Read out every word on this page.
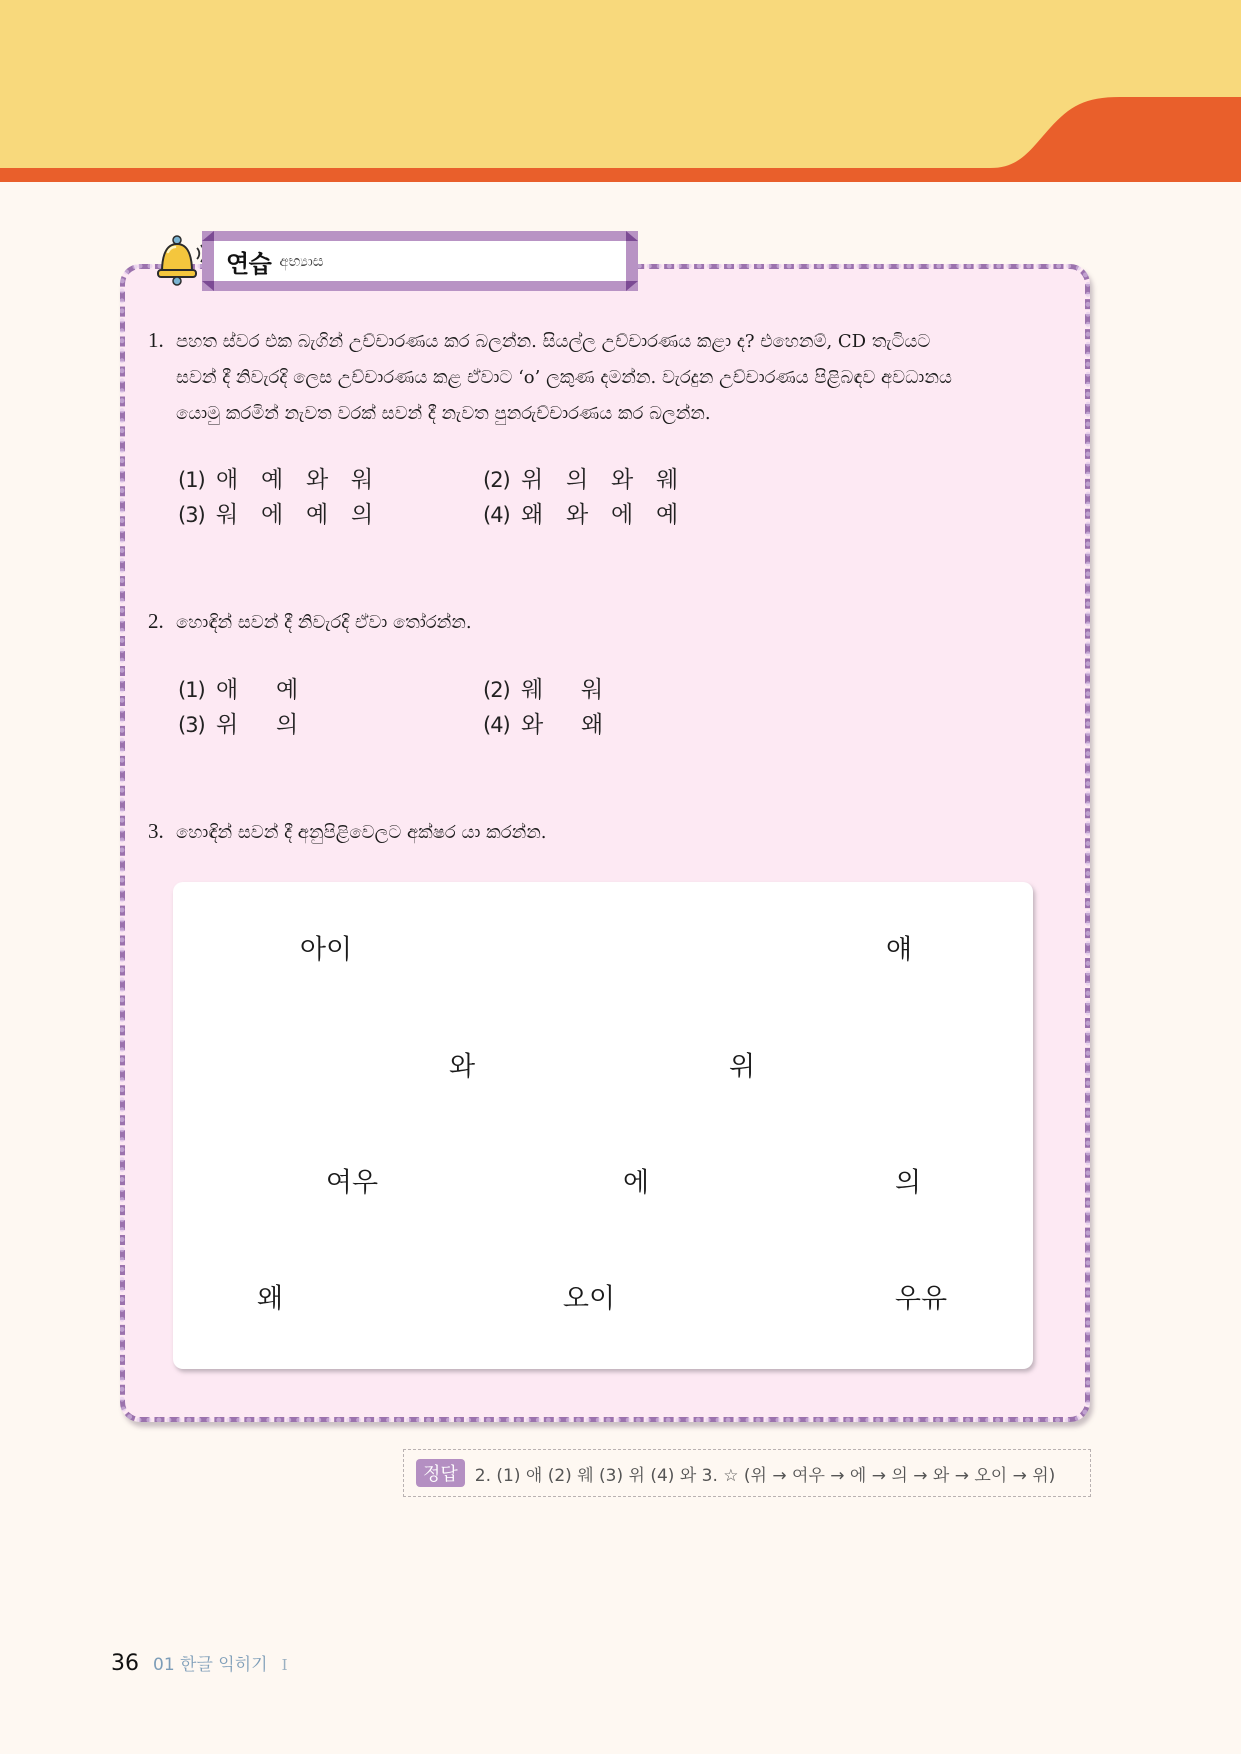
연습 අභ්‍යාස
1. පහත ස්වර එක බැගින් උච්චාරණය කර බලන්න. සියල්ල උච්චාරණය කළා ද? එහෙනම්, CD තැටියට
සවන් දී නිවැරදි ලෙස උච්චාරණය කළ ඒවාට ‘o’ ලකුණ දමන්න. වැරදුන උච්චාරණය පිළිබඳව අවධානය
යොමු කරමින් නැවත වරක් සවන් දී නැවත පුනරුච්චාරණය කර බලන්න.
(1) 애 예 와 워	(2) 위 의 와 웨
(3) 워 에 예 의	(4) 왜 와 에 예
2. හොඳින් සවන් දී නිවැරදි ඒවා තෝරන්න.
(1) 애	예	(2) 웨	워
(3) 위	의	(4) 와	왜
3. හොඳින් සවන් දී අනුපිළිවෙලට අක්ෂර යා කරන්න.
아이	얘
와	위
여우	에	의
왜	오이	우유
정답	2. (1) 애 (2) 웨 (3) 위 (4) 와 3. ☆ (위 → 여우 → 에 → 의 → 와 → 오이 → 위)
36 01 한글 익히기 I
